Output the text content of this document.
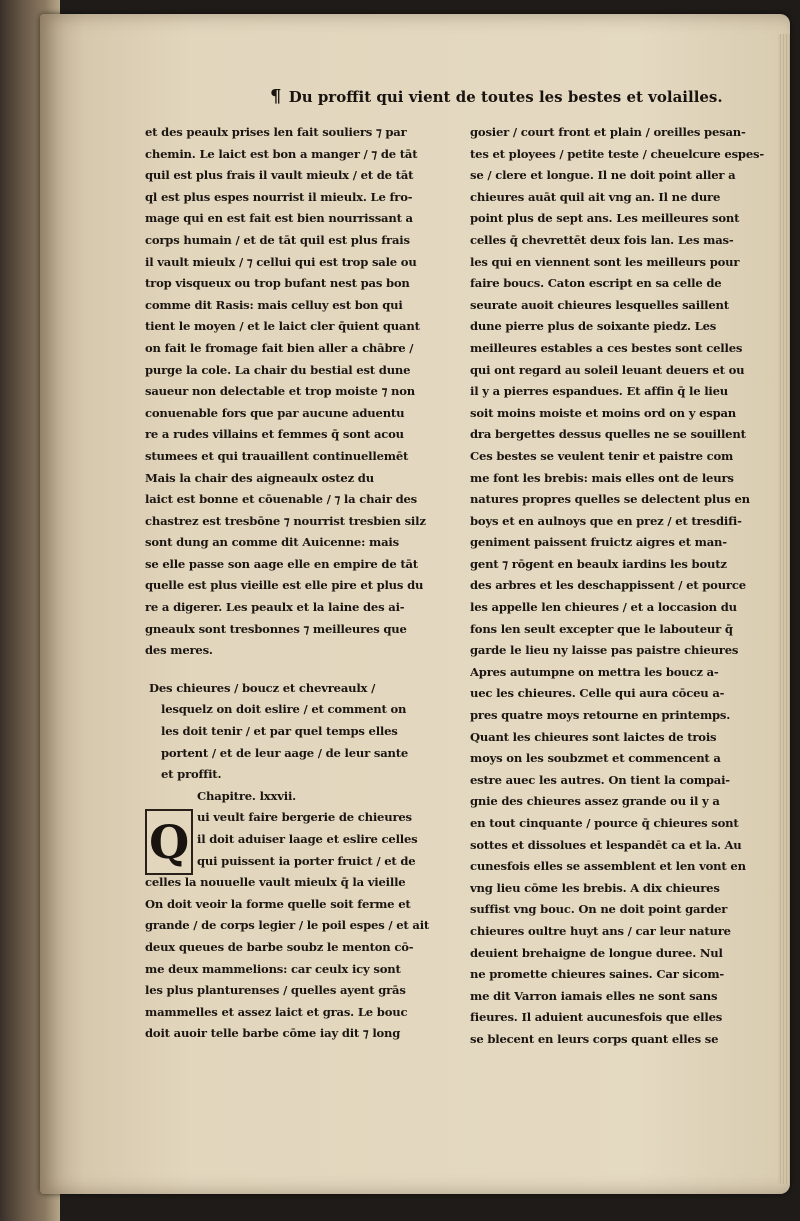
¶ Du proffit qui vient de toutes les bestes et volailles.
et des peaulx prises len fait souliers ⁊ par
chemin. Le laict est bon a manger / ⁊ de tāt
quil est plus frais il vault mieulx / et de tāt
ql est plus espes nourrist il mieulx. Le fro-
mage qui en est fait est bien nourrissant a
corps humain / et de tāt quil est plus frais
il vault mieulx / ⁊ cellui qui est trop sale ou
trop visqueux ou trop bufant nest pas bon
comme dit Rasis: mais celluy est bon qui
tient le moyen / et le laict cler q̄uient quant
on fait le fromage fait bien aller a chābre /
purge la cole. La chair du bestial est dune
saueur non delectable et trop moiste ⁊ non
conuenable fors que par aucune aduentu
re a rudes villains et femmes q̄ sont acou
stumees et qui trauaillent continuellemēt
Mais la chair des aigneaulx ostez du
laict est bonne et cōuenable / ⁊ la chair des
chastrez est tresbōne ⁊ nourrist tresbien silz
sont dung an comme dit Auicenne: mais
se elle passe son aage elle en empire de tāt
quelle est plus vieille est elle pire et plus du
re a digerer. Les peaulx et la laine des ai-
gneaulx sont tresbonnes ⁊ meilleures que
des meres.
Des chieures / boucz et chevreaulx /
lesquelz on doit eslire / et comment on
les doit tenir / et par quel temps elles
portent / et de leur aage / de leur sante
et proffit.
Chapitre. lxxvii.
Q ui veult faire bergerie de chieures
il doit aduiser laage et eslire celles
qui puissent ia porter fruict / et de
celles la nouuelle vault mieulx q̄ la vieille
On doit veoir la forme quelle soit ferme et
grande / de corps legier / le poil espes / et ait
deux queues de barbe soubz le menton cō-
me deux mammelions: car ceulx icy sont
les plus planturenses / quelles ayent grās
mammelles et assez laict et gras. Le bouc
doit auoir telle barbe cōme iay dit ⁊ long
gosier / court front et plain / oreilles pesan-
tes et ployees / petite teste / cheuelcure espes-
se / clere et longue. Il ne doit point aller a
chieures auāt quil ait vng an. Il ne dure
point plus de sept ans. Les meilleures sont
celles q̄ chevrettēt deux fois lan. Les mas-
les qui en viennent sont les meilleurs pour
faire boucs. Caton escript en sa celle de
seurate auoit chieures lesquelles saillent
dune pierre plus de soixante piedz. Les
meilleures estables a ces bestes sont celles
qui ont regard au soleil leuant deuers et ou
il y a pierres espandues. Et affin q̄ le lieu
soit moins moiste et moins ord on y espan
dra bergettes dessus quelles ne se souillent
Ces bestes se veulent tenir et paistre com
me font les brebis: mais elles ont de leurs
natures propres quelles se delectent plus en
boys et en aulnoys que en prez / et tresdifi-
geniment paissent fruictz aigres et man-
gent ⁊ rōgent en beaulx iardins les boutz
des arbres et les deschappissent / et pource
les appelle len chieures / et a loccasion du
fons len seult excepter que le labouteur q̄
garde le lieu ny laisse pas paistre chieures
Apres autumpne on mettra les boucz a-
uec les chieures. Celle qui aura cōceu a-
pres quatre moys retourne en printemps.
Quant les chieures sont laictes de trois
moys on les soubzmet et commencent a
estre auec les autres. On tient la compai-
gnie des chieures assez grande ou il y a
en tout cinquante / pource q̄ chieures sont
sottes et dissolues et lespandēt ca et la. Au
cunesfois elles se assemblent et len vont en
vng lieu cōme les brebis. A dix chieures
suffist vng bouc. On ne doit point garder
chieures oultre huyt ans / car leur nature
deuient brehaigne de longue duree. Nul
ne promette chieures saines. Car sicom-
me dit Varron iamais elles ne sont sans
fieures. Il aduient aucunesfois que elles
se blecent en leurs corps quant elles se
